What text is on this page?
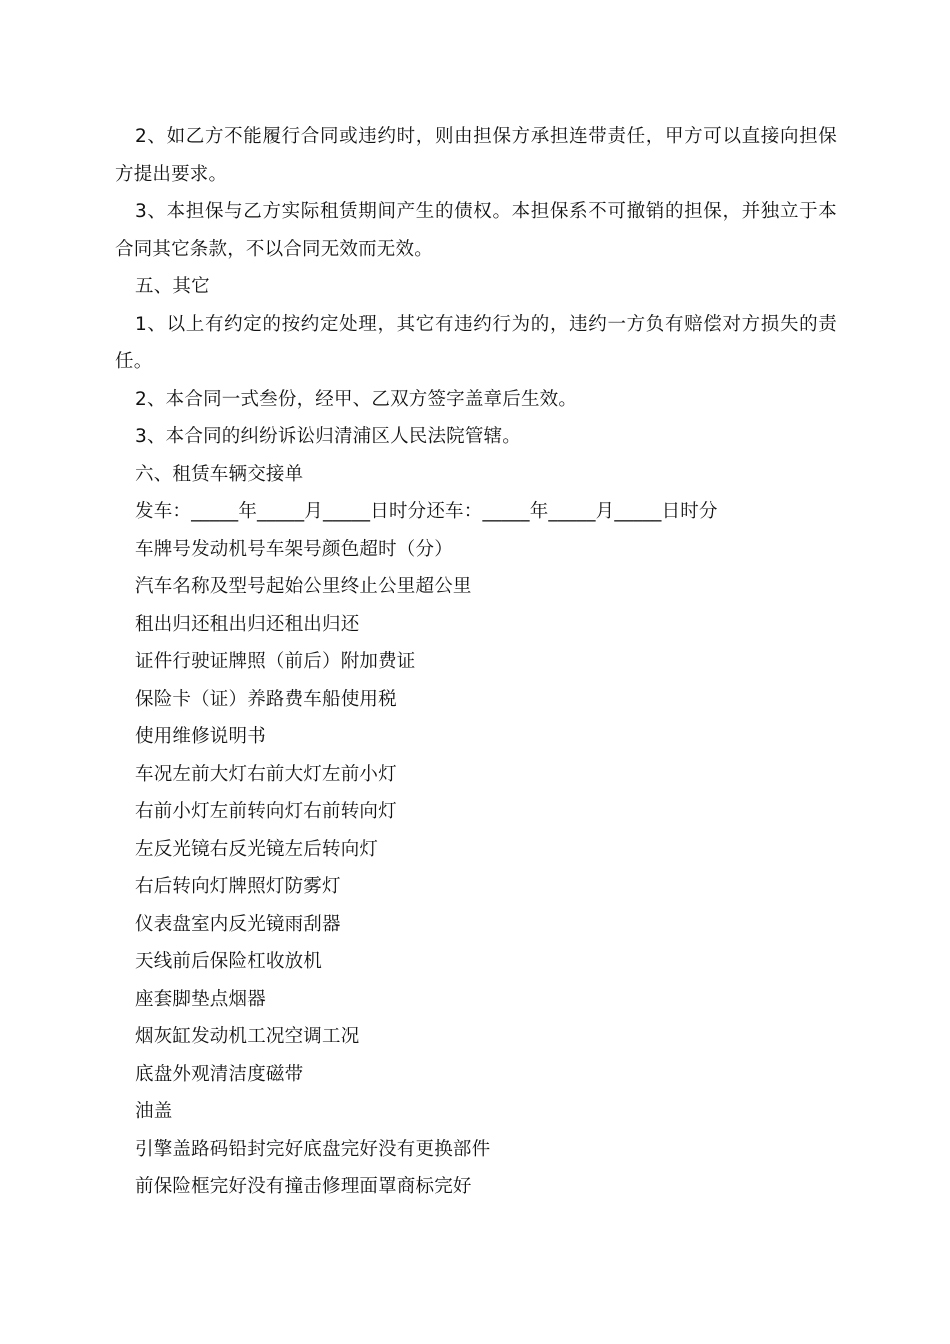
2、如乙方不能履行合同或违约时，则由担保方承担连带责任，甲方可以直接向担保方提出要求。

3、本担保与乙方实际租赁期间产生的债权。本担保系不可撤销的担保，并独立于本合同其它条款，不以合同无效而无效。

五、其它

1、以上有约定的按约定处理，其它有违约行为的，违约一方负有赔偿对方损失的责任。

2、本合同一式叁份，经甲、乙双方签字盖章后生效。

3、本合同的纠纷诉讼归清浦区人民法院管辖。

六、租赁车辆交接单

发车：_____年_____月_____日时分还车：_____年_____月_____日时分

车牌号发动机号车架号颜色超时（分）

汽车名称及型号起始公里终止公里超公里

租出归还租出归还租出归还

证件行驶证牌照（前后）附加费证

保险卡（证）养路费车船使用税

使用维修说明书

车况左前大灯右前大灯左前小灯

右前小灯左前转向灯右前转向灯

左反光镜右反光镜左后转向灯

右后转向灯牌照灯防雾灯

仪表盘室内反光镜雨刮器

天线前后保险杠收放机

座套脚垫点烟器

烟灰缸发动机工况空调工况

底盘外观清洁度磁带

油盖

引擎盖路码铅封完好底盘完好没有更换部件

前保险框完好没有撞击修理面罩商标完好
